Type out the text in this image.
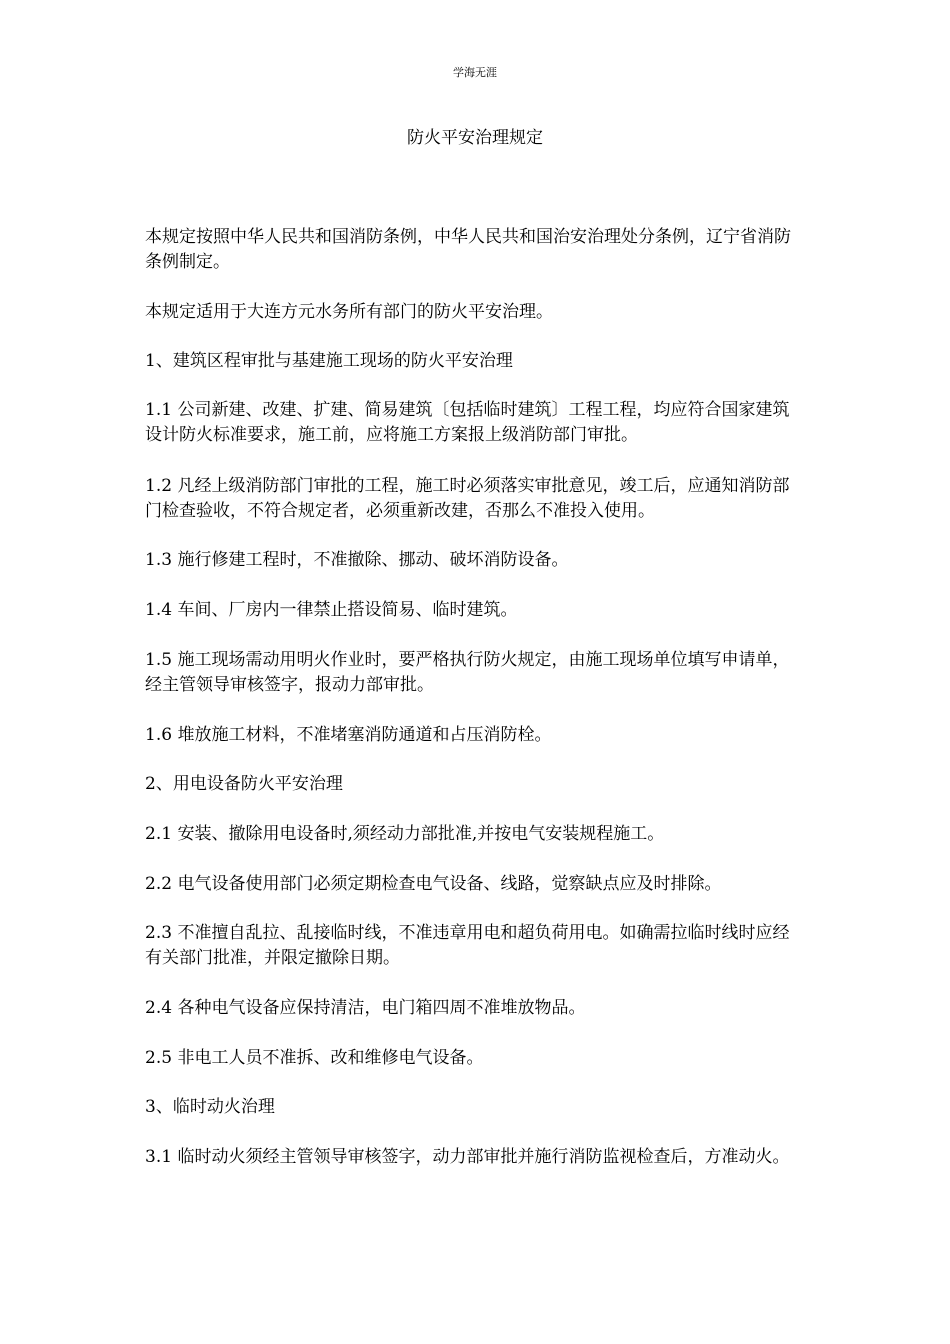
学海无涯
防火平安治理规定

本规定按照中华人民共和国消防条例，中华人民共和国治安治理处分条例，辽宁省消防条例制定。

本规定适用于大连方元水务所有部门的防火平安治理。

1、建筑区程审批与基建施工现场的防火平安治理

1.1 公司新建、改建、扩建、简易建筑〔包括临时建筑〕工程工程，均应符合国家建筑设计防火标准要求，施工前，应将施工方案报上级消防部门审批。

1.2 凡经上级消防部门审批的工程，施工时必须落实审批意见，竣工后，应通知消防部门检查验收，不符合规定者，必须重新改建，否那么不准投入使用。

1.3 施行修建工程时，不准撤除、挪动、破坏消防设备。

1.4 车间、厂房内一律禁止搭设简易、临时建筑。

1.5 施工现场需动用明火作业时，要严格执行防火规定，由施工现场单位填写申请单，经主管领导审核签字，报动力部审批。

1.6 堆放施工材料，不准堵塞消防通道和占压消防栓。

2、用电设备防火平安治理

2.1 安装、撤除用电设备时,须经动力部批准,并按电气安装规程施工。

2.2 电气设备使用部门必须定期检查电气设备、线路，觉察缺点应及时排除。

2.3 不准擅自乱拉、乱接临时线，不准违章用电和超负荷用电。如确需拉临时线时应经有关部门批准，并限定撤除日期。

2.4 各种电气设备应保持清洁，电门箱四周不准堆放物品。

2.5 非电工人员不准拆、改和维修电气设备。

3、临时动火治理

3.1 临时动火须经主管领导审核签字，动力部审批并施行消防监视检查后，方准动火。
